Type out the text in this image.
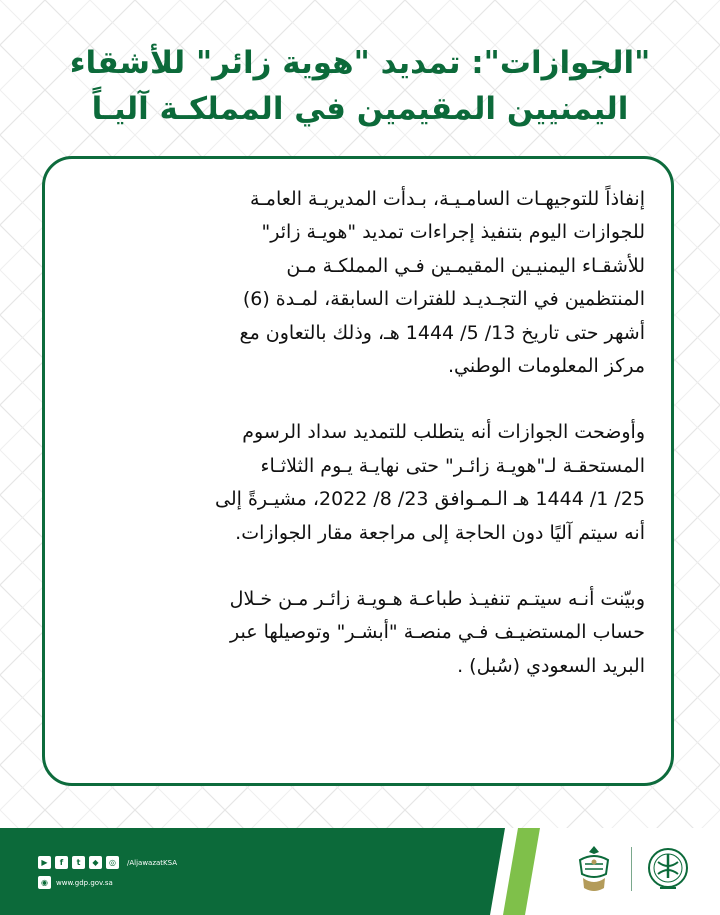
"الجوازات": تمديد "هوية زائر" للأشقاء
اليمنيين المقيمين في المملكـة آليـاً

إنفاذاً للتوجيهـات السامـيـة، بـدأت المديريـة العامـة
للجوازات اليوم بتنفيذ إجراءات تمديد "هويـة زائر"
للأشقـاء اليمنيـين المقيمـين فـي المملكـة مـن
المنتظمين في التجـديـد للفترات السابقة، لمـدة (6)
أشهر حتى تاريخ 13/ 5/ 1444 هـ، وذلك بالتعاون مع
مركز المعلومات الوطني.

وأوضحت الجوازات أنه يتطلب للتمديد سداد الرسوم
المستحقـة لـ"هويـة زائـر" حتى نهايـة يـوم الثلاثـاء
25/ 1/ 1444 هـ الـمـوافق 23/ 8/ 2022، مشيـرةً إلى
أنه سيتم آليًا دون الحاجة إلى مراجعة مقار الجوازات.

وبيّنت أنـه سيتـم تنفيـذ طباعـة هـويـة زائـر مـن خـلال
حساب المستضيـف فـي منصـة "أبشـر" وتوصيلها عبر
البريد السعودي (سُبل) .

▶	f	t	◆	◎	/AljawazatKSA
◉	www.gdp.gov.sa
